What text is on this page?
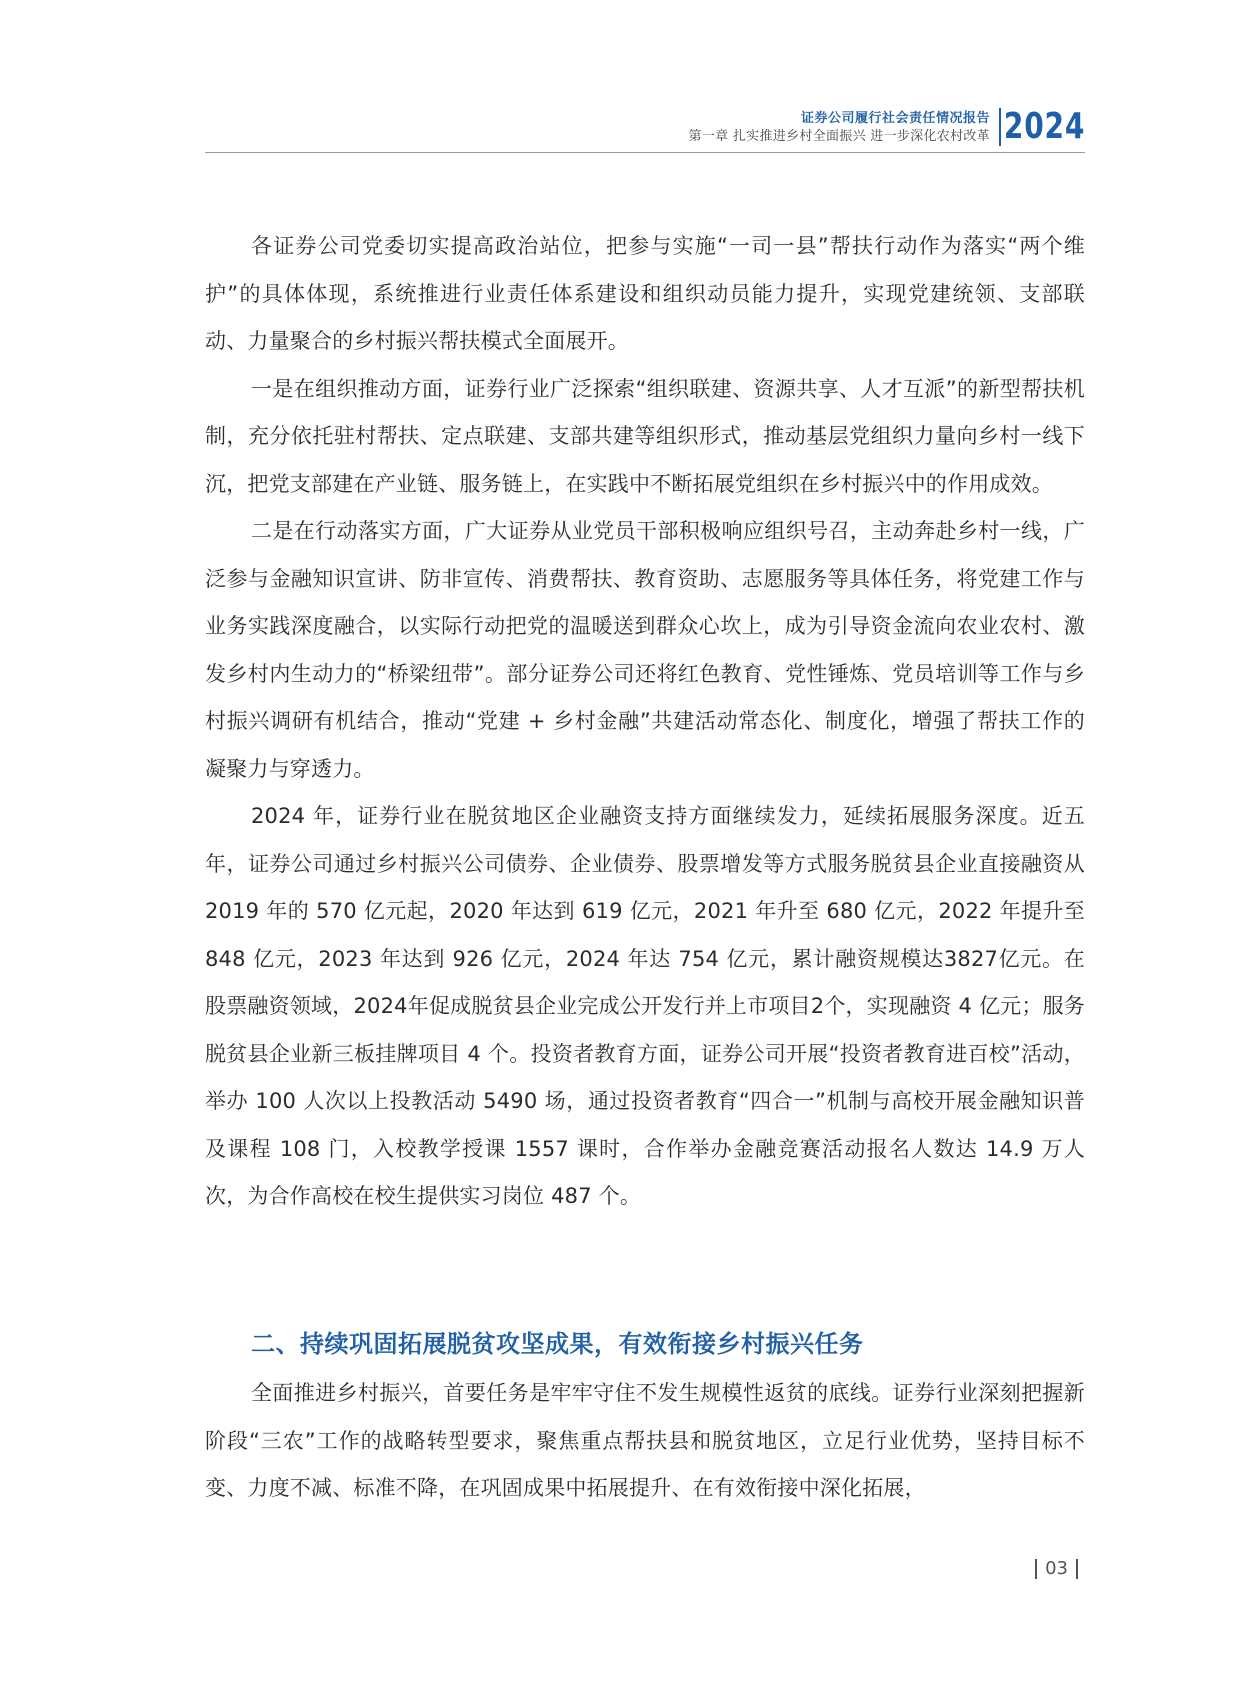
证券公司履行社会责任情况报告
第一章 扎实推进乡村全面振兴 进一步深化农村改革 2024

各证券公司党委切实提高政治站位，把参与实施“一司一县”帮扶行动作为落实“两个维护”的具体体现，系统推进行业责任体系建设和组织动员能力提升，实现党建统领、支部联动、力量聚合的乡村振兴帮扶模式全面展开。

一是在组织推动方面，证券行业广泛探索“组织联建、资源共享、人才互派”的新型帮扶机制，充分依托驻村帮扶、定点联建、支部共建等组织形式，推动基层党组织力量向乡村一线下沉，把党支部建在产业链、服务链上，在实践中不断拓展党组织在乡村振兴中的作用成效。

二是在行动落实方面，广大证券从业党员干部积极响应组织号召，主动奔赴乡村一线，广泛参与金融知识宣讲、防非宣传、消费帮扶、教育资助、志愿服务等具体任务，将党建工作与业务实践深度融合，以实际行动把党的温暖送到群众心坎上，成为引导资金流向农业农村、激发乡村内生动力的“桥梁纽带”。部分证券公司还将红色教育、党性锤炼、党员培训等工作与乡村振兴调研有机结合，推动“党建 + 乡村金融”共建活动常态化、制度化，增强了帮扶工作的凝聚力与穿透力。

2024 年，证券行业在脱贫地区企业融资支持方面继续发力，延续拓展服务深度。近五年，证券公司通过乡村振兴公司债券、企业债券、股票增发等方式服务脱贫县企业直接融资从 2019 年的 570 亿元起，2020 年达到 619 亿元，2021 年升至 680 亿元，2022 年提升至 848 亿元，2023 年达到 926 亿元，2024 年达 754 亿元，累计融资规模达3827亿元。在股票融资领域，2024年促成脱贫县企业完成公开发行并上市项目2个，实现融资 4 亿元；服务脱贫县企业新三板挂牌项目 4 个。投资者教育方面，证券公司开展“投资者教育进百校”活动，举办 100 人次以上投教活动 5490 场，通过投资者教育“四合一”机制与高校开展金融知识普及课程 108 门，入校教学授课 1557 课时，合作举办金融竞赛活动报名人数达 14.9 万人次，为合作高校在校生提供实习岗位 487 个。

二、持续巩固拓展脱贫攻坚成果，有效衔接乡村振兴任务

全面推进乡村振兴，首要任务是牢牢守住不发生规模性返贫的底线。证券行业深刻把握新阶段“三农”工作的战略转型要求，聚焦重点帮扶县和脱贫地区，立足行业优势，坚持目标不变、力度不减、标准不降，在巩固成果中拓展提升、在有效衔接中深化拓展，

03
